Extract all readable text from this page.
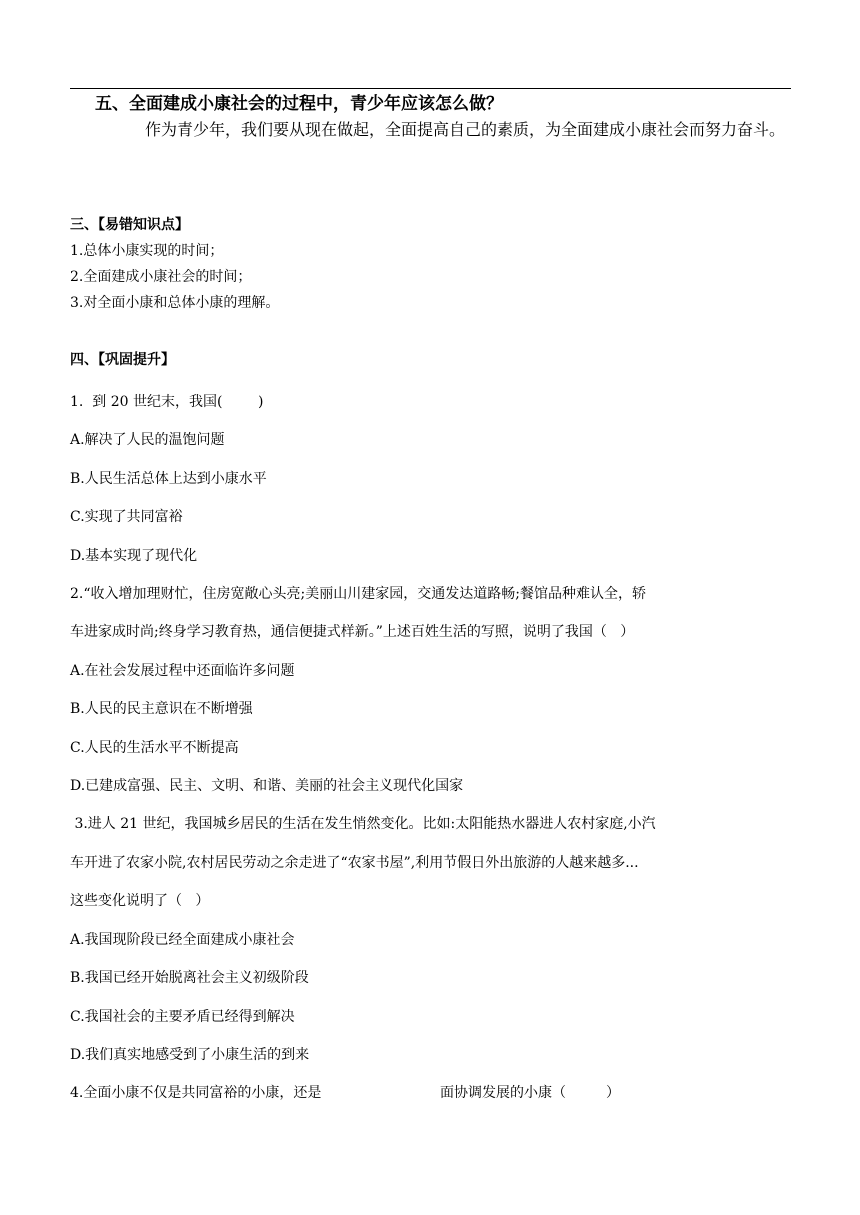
五、全面建成小康社会的过程中，青少年应该怎么做？
作为青少年，我们要从现在做起，全面提高自己的素质，为全面建成小康社会而努力奋斗。
三、【易错知识点】
1.总体小康实现的时间；
2.全面建成小康社会的时间；
3.对全面小康和总体小康的理解。
四、【巩固提升】

1.  到 20 世纪末，我国(        )

A.解决了人民的温饱问题

B.人民生活总体上达到小康水平

C.实现了共同富裕

D.基本实现了现代化

2.“收入增加理财忙，住房宽敞心头亮;美丽山川建家园，交通发达道路畅;餐馆品种难认全，轿

车进家成时尚;终身学习教育热，通信便捷式样新。”上述百姓生活的写照，说明了我国（   ）

A.在社会发展过程中还面临许多问题

B.人民的民主意识在不断增强

C.人民的生活水平不断提高

D.已建成富强、民主、文明、和谐、美丽的社会主义现代化国家

3.进人 21 世纪，我国城乡居民的生活在发生悄然变化。比如:太阳能热水器进人农村家庭,小汽

车开进了农家小院,农村居民劳动之余走进了“农家书屋”,利用节假日外出旅游的人越来越多...

这些变化说明了（   ）

A.我国现阶段已经全面建成小康社会

B.我国已经开始脱离社会主义初级阶段

C.我国社会的主要矛盾已经得到解决

D.我们真实地感受到了小康生活的到来

4.全面小康不仅是共同富裕的小康，还是	面协调发展的小康（         ）
